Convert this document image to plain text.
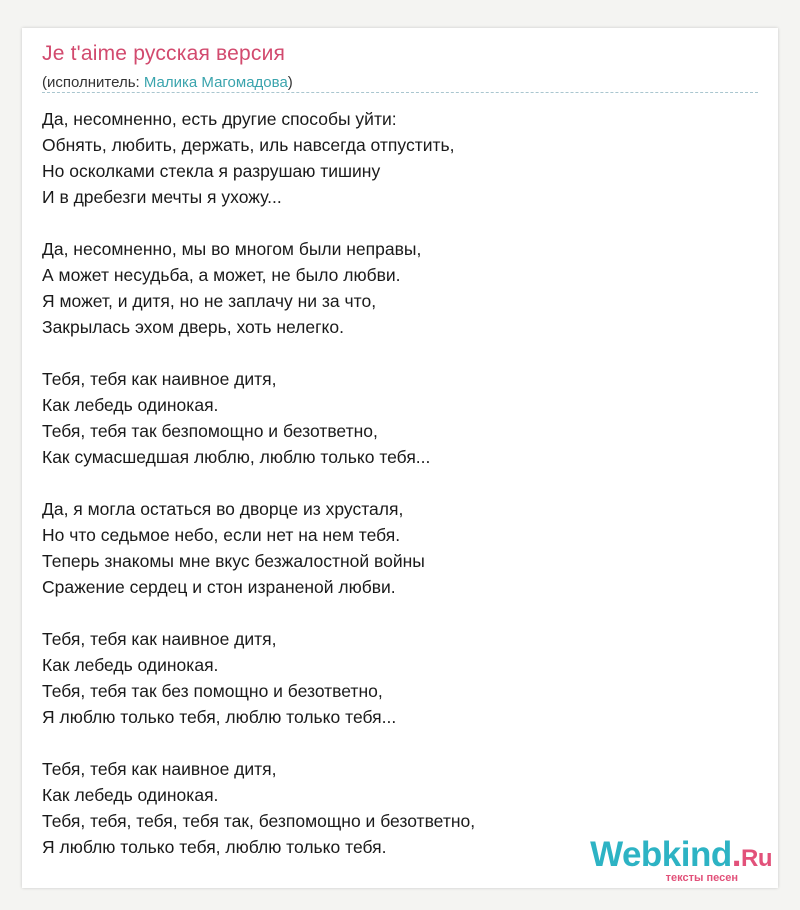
Je t'aime русская версия
(исполнитель: Малика Магомадова)
Да, несомненно, есть другие способы уйти:
Обнять, любить, держать, иль навсегда отпустить,
Но осколками стекла я разрушаю тишину
И в дребезги мечты я ухожу...
Да, несомненно, мы во многом были неправы,
А может несудьба, а может, не было любви.
Я может, и дитя, но не заплачу ни за что,
Закрылась эхом дверь, хоть нелегко.
Тебя, тебя как наивное дитя,
Как лебедь одинокая.
Тебя, тебя так безпомощно и безответно,
Как сумасшедшая люблю, люблю только тебя...
Да, я могла остаться во дворце из хрусталя,
Но что седьмое небо, если нет на нем тебя.
Теперь знакомы мне вкус безжалостной войны
Сражение сердец и стон израненой любви.
Тебя, тебя как наивное дитя,
Как лебедь одинокая.
Тебя, тебя так без помощно и безответно,
Я люблю только тебя, люблю только тебя...
Тебя, тебя как наивное дитя,
Как лебедь одинокая.
Тебя, тебя, тебя, тебя так, безпомощно и безответно,
Я люблю только тебя, люблю только тебя.	Webkind.Ru
тексты песен
